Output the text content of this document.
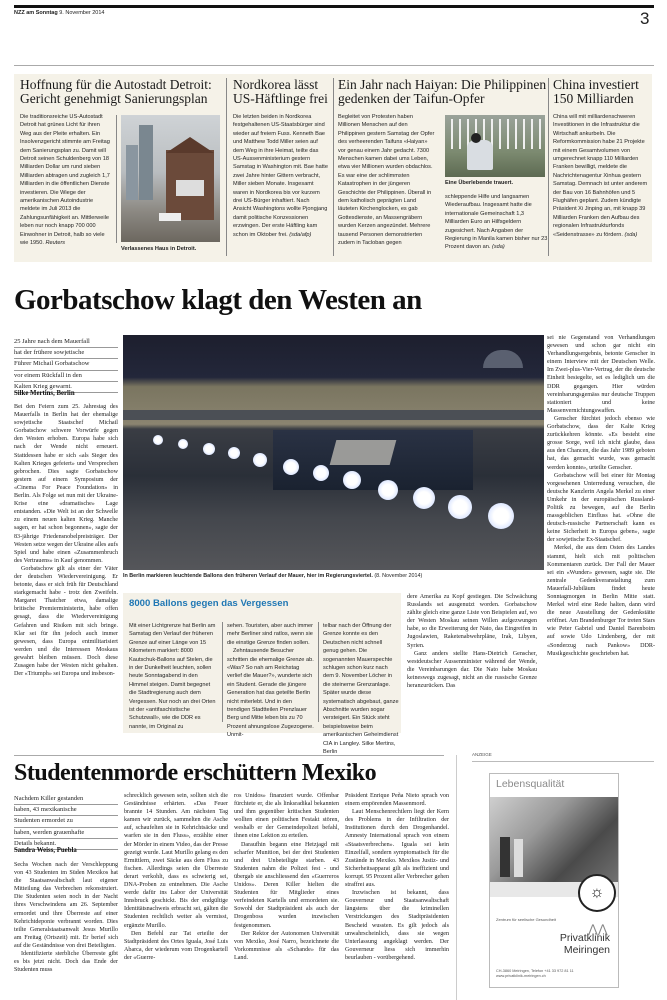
NZZ am Sonntag 9. November 2014	3
Hoffnung für die Autostadt Detroit: Gericht genehmigt Sanierungsplan
Die traditionsreiche US-Autostadt Detroit hat grünes Licht für ihren Weg aus der Pleite erhalten. Ein Insolvenzgericht stimmte am Freitag dem Sanierungsplan zu. Damit will Detroit seinen Schuldenberg von 18 Milliarden Dollar um rund sieben Milliarden abtragen und zugleich 1,7 Milliarden in die öffentlichen Dienste investieren. Die Wiege der amerikanischen Autoindustrie meldete im Juli 2013 die Zahlungsunfähigkeit an. Mittlerweile leben nur noch knapp 700 000 Einwohner in Detroit, halb so viele wie 1950. Reuters
Verlassenes Haus in Detroit.
Nordkorea lässt US-Häftlinge frei
Die letzten beiden in Nordkorea festgehaltenen US-Staatsbürger sind wieder auf freiem Fuss. Kenneth Bae und Matthew Todd Miller seien auf dem Weg in ihre Heimat, teilte das US-Aussenministerium gestern Samstag in Washington mit. Bae hatte zwei Jahre hinter Gittern verbracht, Miller sieben Monate. Insgesamt waren in Nordkorea bis vor kurzem drei US-Bürger inhaftiert. Nach Ansicht Washingtons wollte Pjongjang damit politische Konzessionen erzwingen. Der erste Häftling kam schon im Oktober frei. (sda/afp)
Ein Jahr nach Haiyan: Die Philippinen gedenken der Taifun-Opfer
Begleitet von Protesten haben Millionen Menschen auf den Philippinen gestern Samstag der Opfer des verheerenden Taifuns «Haiyan» vor genau einem Jahr gedacht. 7300 Menschen kamen dabei ums Leben, etwa vier Millionen wurden obdachlos. Es war eine der schlimmsten Katastrophen in der jüngeren Geschichte der Philippinen. Überall in dem katholisch geprägten Land läuteten Kirchenglocken, es gab Gottesdienste, an Massengräbern wurden Kerzen angezündet. Mehrere tausend Personen demonstrierten zudem in Tacloban gegen
Eine Überlebende trauert.
schleppende Hilfe und langsamen Wiederaufbau. Insgesamt hatte die internationale Gemeinschaft 1,3 Milliarden Euro an Hilfsgeldern zugesichert. Nach Angaben der Regierung in Manila kamen bisher nur 23 Prozent davon an. (sda)
China investiert 150 Milliarden
China will mit milliardenschweren Investitionen in die Infrastruktur die Wirtschaft ankurbeln. Die Reformkommission habe 21 Projekte mit einem Gesamtvolumen von umgerechnet knapp 110 Milliarden Franken bewilligt, meldete die Nachrichtenagentur Xinhua gestern Samstag. Demnach ist unter anderem der Bau von 16 Bahnhöfen und 5 Flughäfen geplant. Zudem kündigte Präsident Xi Jinping an, mit knapp 39 Milliarden Franken den Aufbau des regionalen Infrastrukturfonds «Seidenstrasse» zu fördern. (sda)
Gorbatschow klagt den Westen an
25 Jahre nach dem Mauerfall
hat der frühere sowjetische
Führer Michail Gorbatschow
vor einem Rückfall in den
Kalten Krieg gewarnt.
Silke Mertins, Berlin

Bei den Feiern zum 25. Jahrestag des Mauerfalls in Berlin hat der ehemalige sowjetische Staatschef Michail Gorbatschow schwere Vorwürfe gegen den Westen erhoben. Europa habe sich nach der Wende nicht erneuert. Stattdessen habe er sich «als Sieger des Kalten Krieges gefeiert» und Versprechen gebrochen. Dies sagte Gorbatschow gestern auf einem Symposium der «Cinema For Peace Foundation» in Berlin. Als Folge sei nun mit der Ukraine-Krise eine «dramatische» Lage entstanden. «Die Welt ist an der Schwelle zu einem neuen kalten Krieg. Manche sagen, er hat schon begonnen», sagte der 83-jährige Friedensnobelpreisträger. Der Westen setze wegen der Ukraine alles aufs Spiel und habe einen «Zusammenbruch des Vertrauens» in Kauf genommen.

Gorbatschow gilt als einer der Väter der deutschen Wiedervereinigung. Er betonte, dass er sich früh für Deutschland starkgemacht habe - trotz den Zweifeln. Margaret Thatcher etwa, damalige britische Premierministerin, habe offen gesagt, dass die Wiedervereinigung Gefahren und Risiken mit sich bringe. Klar sei für ihn jedoch auch immer gewesen, dass Europa entmilitarisiert werden und die Interessen Moskaus gewahrt bleiben müssen. Doch diese Zusagen habe der Westen nicht gehalten. Der «Triumph» sei Europa und insbeson-

In Berlin markieren leuchtende Ballons den früheren Verlauf der Mauer, hier im Regierungsviertel. (8. November 2014)
8000 Ballons gegen das Vergessen
Mit einer Lichtgrenze hat Berlin am Samstag den Verlauf der früheren Grenze auf einer Länge von 15 Kilometern markiert: 8000 Kautschuk-Ballons auf Stelen, die in der Dunkelheit leuchten, sollen heute Sonntagabend in den Himmel steigen. Damit begegnet die Stadtregierung auch dem Vergessen. Nur noch an drei Orten ist der «antifaschistische Schutzwall», wie die DDR es nannte, im Original zu
sehen. Touristen, aber auch immer mehr Berliner sind ratlos, wenn sie die einstige Grenze finden sollen.
Zehntausende Besucher schritten die ehemalige Grenze ab. «Was? So nah am Reichstag verlief die Mauer?», wunderte sich ein Student. Gerade die jüngere Generation hat das geteilte Berlin nicht miterlebt. Und in den trendigen Stadtteilen Prenzlauer Berg und Mitte leben bis zu 70 Prozent ahnungslose Zugezogene. Unmit-
telbar nach der Öffnung der Grenze konnte es den Deutschen nicht schnell genug gehen. Die sogenannten Mauerspechte schlugen schon kurz nach dem 9. November Löcher in die steinerne Grenzanlage. Später wurde diese systematisch abgebaut, ganze Abschnitte wurden sogar versteigert. Ein Stück steht beispielsweise beim amerikanischen Geheimdienst CIA in Langley. Silke Mertins, Berlin

dere Amerika zu Kopf gestiegen. Die Schwächung Russlands sei ausgenutzt worden. Gorbatschow zählte gleich eine ganze Liste von Beispielen auf, wo der Westen Moskau seinen Willen aufgezwungen habe, so die Erweiterung der Nato, das Eingreifen in Jugoslawien, Raketenabwehrpläne, Irak, Libyen, Syrien.

Ganz anders stellte Hans-Dietrich Genscher, westdeutscher Aussenminister während der Wende, die Vereinbarungen dar. Die Nato habe Moskau keineswegs zugesagt, nicht an die russische Grenze heranzurücken. Das

sei nie Gegenstand von Verhandlungen gewesen und schon gar nicht ein Verhandlungsergebnis, betonte Genscher in einem Interview mit der Deutschen Welle. Im Zwei-plus-Vier-Vertrag, der die deutsche Einheit besiegelte, sei es lediglich um die DDR gegangen. Hier würden vereinbarungsgemäss nur deutsche Truppen stationiert und keine Massenvernichtungswaffen.

Genscher fürchtet jedoch ebenso wie Gorbatschow, dass der Kalte Krieg zurückkehren könnte. «Es besteht eine grosse Sorge, weil ich nicht glaube, dass aus den Chancen, die das Jahr 1989 geboten hat, das gemacht wurde, was gemacht werden konnte», urteilte Genscher.

Gorbatschow will bei einer für Montag vorgesehenen Unterredung versuchen, die deutsche Kanzlerin Angela Merkel zu einer Umkehr in der europäischen Russland-Politik zu bewegen, auf die Berlin massgeblichen Einfluss hat. «Ohne die deutsch-russische Partnerschaft kann es keine Sicherheit in Europa geben», sagte der sowjetische Ex-Staatschef.

Merkel, die aus dem Osten des Landes stammt, hielt sich mit politischen Kommentaren zurück. Der Fall der Mauer sei ein «Wunder» gewesen, sagte sie. Die zentrale Gedenkveranstaltung zum Mauerfall-Jubiläum findet heute Sonntagmorgen in Berlin Mitte statt. Merkel wird eine Rede halten, dann wird die neue Ausstellung der Gedenkstätte eröffnet. Am Brandenburger Tor treten Stars wie Peter Gabriel und Daniel Barenboim auf sowie Udo Lindenberg, der mit «Sonderzug nach Pankow» DDR-Musikgeschichte geschrieben hat.

Studentenmorde erschüttern Mexiko
Nachdem Killer gestanden
haben, 43 mexikanische
Studenten ermordet zu
haben, werden grauenhafte
Details bekannt.
Sandra Weiss, Puebla

Sechs Wochen nach der Verschleppung von 43 Studenten im Süden Mexikos hat die Staatsanwaltschaft laut eigener Mitteilung das Verbrechen rekonstruiert. Die Studenten seien noch in der Nacht ihres Verschwindens am 26. September ermordet und ihre Überreste auf einer Kehrichtdeponie verbrannt worden. Dies teilte Generalstaatsanwalt Jesus Murillo am Freitag (Ortszeit) mit. Er berief sich auf die Geständnisse von drei Beteiligten.

Identifizierte sterbliche Überreste gibt es bis jetzt nicht. Doch das Ende der Studenten muss

schrecklich gewesen sein, sollten sich die Geständnisse erhärten. «Das Feuer brannte 14 Stunden. Am nächsten Tag kamen wir zurück, sammelten die Asche auf, schaufelten sie in Kehrichtsäcke und warfen sie in den Fluss», erzählte einer der Mörder in einem Video, das der Presse gezeigt wurde. Laut Murillo gelang es den Ermittlern, zwei Säcke aus dem Fluss zu fischen. Allerdings seien die Überreste derart verkohlt, dass es schwierig sei, DNA-Proben zu entnehmen. Die Asche werde dafür ins Labor der Universität Innsbruck geschickt. Bis der endgültige Identitätsnachweis erbracht sei, gälten die Studenten rechtlich weiter als vermisst, ergänzte Murillo.

Den Befehl zur Tat erteilte der Stadtpräsident des Ortes Iguala, José Luis Abarca, der wiederum vom Drogenkartell der «Guerre-

ros Unidos» finanziert wurde. Offenbar fürchtete er, die als linksradikal bekannten und ihm gegenüber kritischen Studenten wollten einen politischen Festakt stören, weshalb er der Gemeindepolizei befahl, ihnen eine Lektion zu erteilen.

Daraufhin begann eine Hetzjagd mit scharfer Munition, bei der drei Studenten und drei Unbeteiligte starben. 43 Studenten nahm die Polizei fest - und übergab sie anschliessend den «Guerreros Unidos». Deren Killer hielten die Studenten für Mitglieder eines verfeindeten Kartells und ermordeten sie. Sowohl der Stadtpräsident als auch der Drogenboss wurden inzwischen festgenommen.

Der Rektor der Autonomen Universität von Mexiko, José Narro, bezeichnete die Vorkommnisse als «Schande» für das Land.

Präsident Enrique Peña Nieto sprach von einem empörenden Massenmord.

Laut Menschenrechtlern liegt der Kern des Problems in der Infiltration der Institutionen durch den Drogenhandel. Amnesty International sprach von einem «Staatsverbrechen». Iguala sei kein Einzelfall, sondern symptomatisch für die Zustände in Mexiko. Mexikos Justiz- und Sicherheitsapparat gilt als ineffizient und korrupt. 95 Prozent aller Verbrecher gehen straffrei aus.

Inzwischen ist bekannt, dass Gouverneur und Staatsanwaltschaft längstens über die kriminellen Verstrickungen des Stadtpräsidenten Bescheid wussten. Es gilt jedoch als unwahrscheinlich, dass sie wegen Unterlassung angeklagt werden. Der Gouverneur liess sich immerhin beurlauben - vorübergehend.

ANZEIGE
Lebensqualität
☼
Zentrum für seelische Gesundheit
Privatklinik
Meiringen
⋀⋀
CH-3860 Meiringen, Telefon +41 33 972 81 11
www.privatklinik-meiringen.ch
